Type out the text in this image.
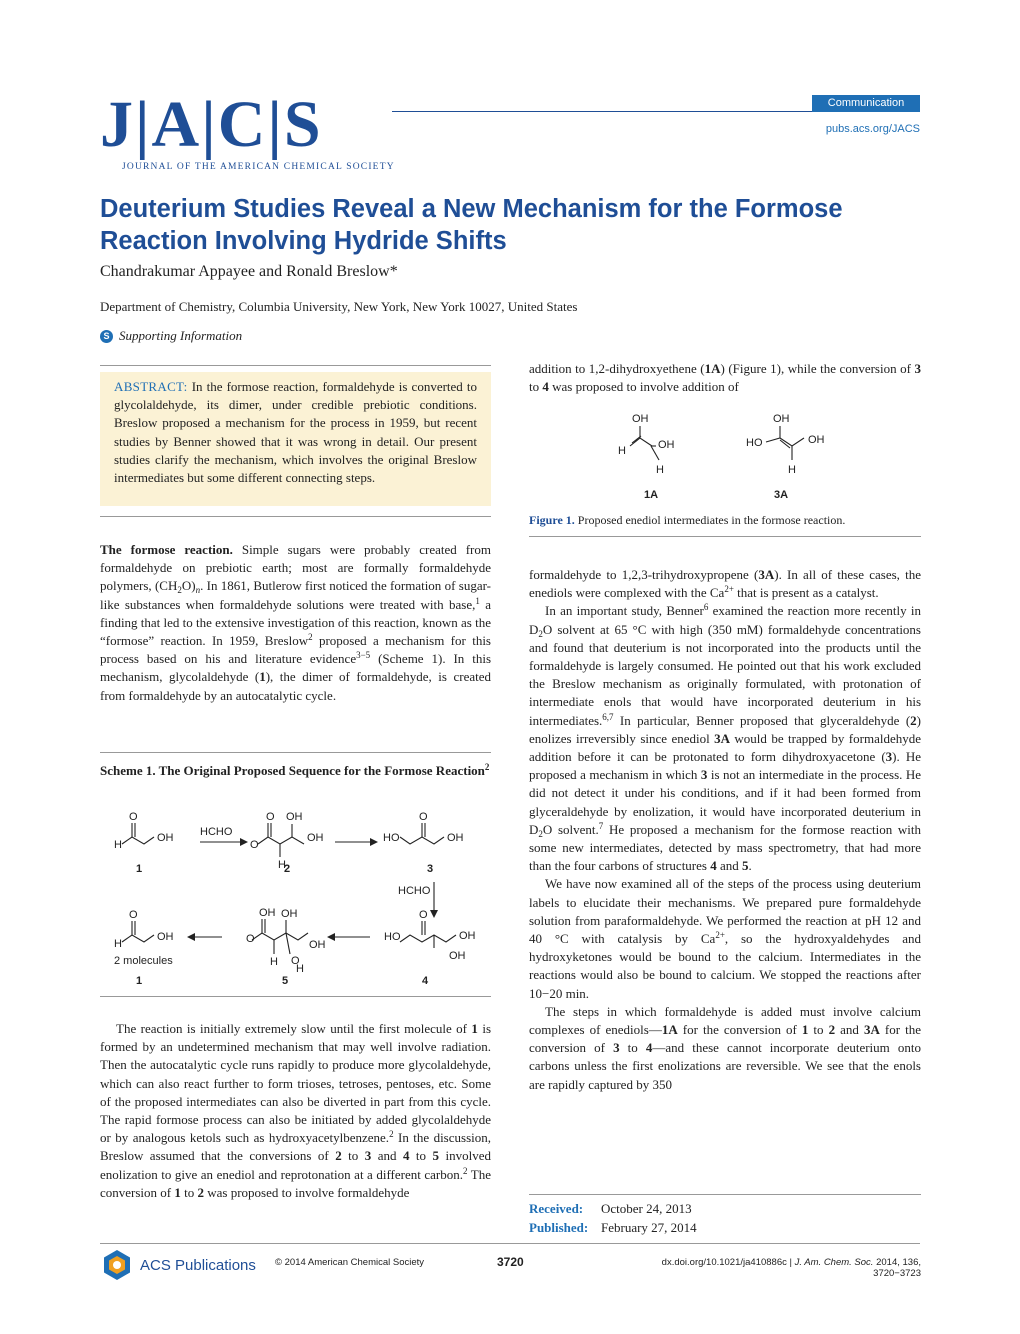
J|A|C|S
JOURNAL OF THE AMERICAN CHEMICAL SOCIETY
Communication
pubs.acs.org/JACS
Deuterium Studies Reveal a New Mechanism for the Formose Reaction Involving Hydride Shifts
Chandrakumar Appayee and Ronald Breslow*
Department of Chemistry, Columbia University, New York, New York 10027, United States
S Supporting Information
ABSTRACT: In the formose reaction, formaldehyde is converted to glycolaldehyde, its dimer, under credible prebiotic conditions. Breslow proposed a mechanism for the process in 1959, but recent studies by Benner showed that it was wrong in detail. Our present studies clarify the mechanism, which involves the original Breslow intermediates but some different connecting steps.

The formose reaction. Simple sugars were probably created from formaldehyde on prebiotic earth; most are formally formaldehyde polymers, $(CH_2O)_n$. In 1861, Butlerow first noticed the formation of sugar-like substances when formaldehyde solutions were treated with base,$^1$ a finding that led to the extensive investigation of this reaction, known as the “formose” reaction. In 1959, Breslow$^2$ proposed a mechanism for this process based on his and literature evidence$^{3-5}$ (Scheme 1). In this mechanism, glycolaldehyde (1), the dimer of formaldehyde, is created from formaldehyde by an autocatalytic cycle.

Scheme 1. The Original Proposed Sequence for the Formose Reaction$^2$
O
H
OH HCHO
O
O
H
OH
OH	HO
O
OH
HCHO
HO
O
OH
OH
OH OH
OH
O
H O
H
O
H
OH
1	2	3
4
5
1
2 molecules

The reaction is initially extremely slow until the first molecule of 1 is formed by an undetermined mechanism that may well involve radiation. Then the autocatalytic cycle runs rapidly to produce more glycolaldehyde, which can also react further to form trioses, tetroses, pentoses, etc. Some of the proposed intermediates can also be diverted in part from this cycle. The rapid formose process can also be initiated by added glycolaldehyde or by analogous ketols such as hydroxyacetylbenzene.$^2$ In the discussion, Breslow assumed that the conversions of 2 to 3 and 4 to 5 involved enolization to give an enediol and reprotonation at a different carbon.$^2$ The conversion of 1 to 2 was proposed to involve formaldehyde

addition to 1,2-dihydroxyethene (1A) (Figure 1), while the conversion of 3 to 4 was proposed to involve addition of

OH
H	OH
H
OH
HO	OH
H
1A	3A
Figure 1. Proposed enediol intermediates in the formose reaction.

formaldehyde to 1,2,3-trihydroxypropene (3A). In all of these cases, the enediols were complexed with the $Ca^{2+}$ that is present as a catalyst.

In an important study, Benner$^6$ examined the reaction more recently in $D_2O$ solvent at 65 °C with high (350 mM) formaldehyde concentrations and found that deuterium is not incorporated into the products until the formaldehyde is largely consumed. He pointed out that his work excluded the Breslow mechanism as originally formulated, with protonation of intermediate enols that would have incorporated deuterium in his intermediates.$^{6,7}$ In particular, Benner proposed that glyceraldehyde (2) enolizes irreversibly since enediol 3A would be trapped by formaldehyde addition before it can be protonated to form dihydroxyacetone (3). He proposed a mechanism in which 3 is not an intermediate in the process. He did not detect it under his conditions, and if it had been formed from glyceraldehyde by enolization, it would have incorporated deuterium in $D_2O$ solvent.$^7$ He proposed a mechanism for the formose reaction with some new intermediates, detected by mass spectrometry, that had more than the four carbons of structures 4 and 5.

We have now examined all of the steps of the process using deuterium labels to elucidate their mechanisms. We prepared pure formaldehyde solution from paraformaldehyde. We performed the reaction at pH 12 and 40 °C with catalysis by $Ca^{2+}$, so the hydroxyaldehydes and hydroxyketones would be bound to the calcium. Intermediates in the reactions would also be bound to calcium. We stopped the reactions after 10−20 min.

The steps in which formaldehyde is added must involve calcium complexes of enediols—1A for the conversion of 1 to 2 and 3A for the conversion of 3 to 4—and these cannot incorporate deuterium onto carbons unless the first enolizations are reversible. We see that the enols are rapidly captured by 350

Received: October 24, 2013
Published: February 27, 2014
ACS Publications © 2014 American Chemical Society	3720	dx.doi.org/10.1021/ja410886c | J. Am. Chem. Soc. 2014, 136, 3720−3723
